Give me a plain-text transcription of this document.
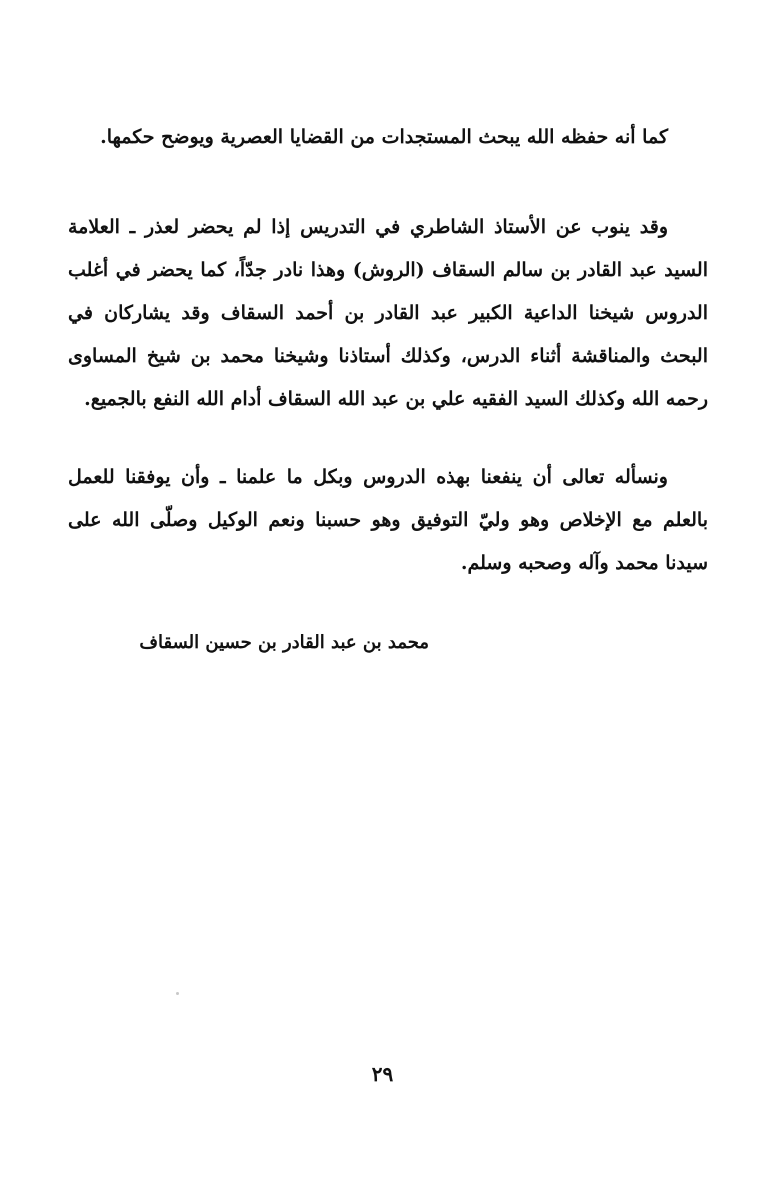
كما أنه حفظه الله يبحث المستجدات من القضايا العصرية ويوضح حكمها.

وقد ينوب عن الأستاذ الشاطري في التدريس إذا لم يحضر لعذر ـ العلامة السيد عبد القادر بن سالم السقاف (الروش) وهذا نادر جدّاً، كما يحضر في أغلب الدروس شيخنا الداعية الكبير عبد القادر بن أحمد السقاف وقد يشاركان في البحث والمناقشة أثناء الدرس، وكذلك أستاذنا وشيخنا محمد بن شيخ المساوى رحمه الله وكذلك السيد الفقيه علي بن عبد الله السقاف أدام الله النفع بالجميع.

ونسأله تعالى أن ينفعنا بهذه الدروس وبكل ما علمنا ـ وأن يوفقنا للعمل بالعلم مع الإخلاص وهو وليّ التوفيق وهو حسبنا ونعم الوكيل وصلّى الله على سيدنا محمد وآله وصحبه وسلم.

محمد بن عبد القادر بن حسين السقاف
٢٩
